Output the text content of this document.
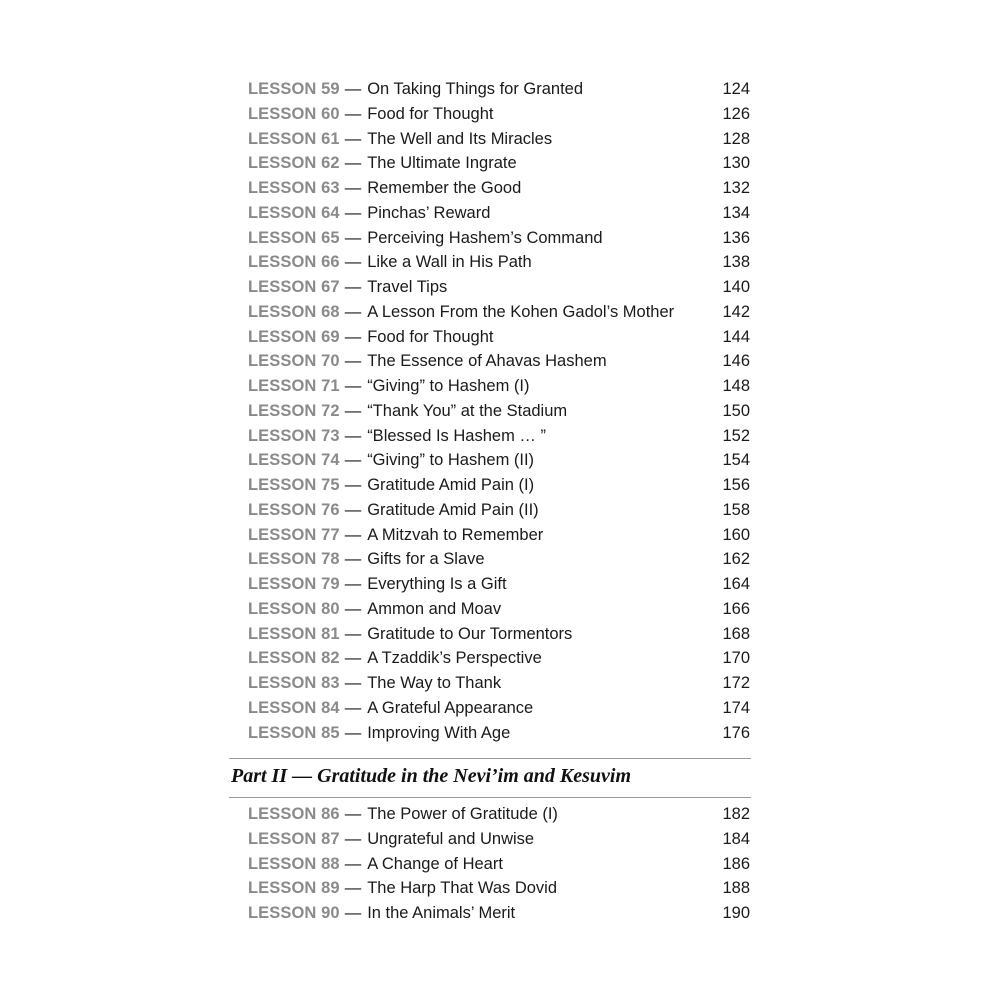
LESSON 59 — On Taking Things for Granted	124
LESSON 60 — Food for Thought	126
LESSON 61 — The Well and Its Miracles	128
LESSON 62 — The Ultimate Ingrate	130
LESSON 63 — Remember the Good	132
LESSON 64 — Pinchas’ Reward	134
LESSON 65 — Perceiving Hashem’s Command	136
LESSON 66 — Like a Wall in His Path	138
LESSON 67 — Travel Tips	140
LESSON 68 — A Lesson From the Kohen Gadol’s Mother	142
LESSON 69 — Food for Thought	144
LESSON 70 — The Essence of Ahavas Hashem	146
LESSON 71 — “Giving” to Hashem (I)	148
LESSON 72 — “Thank You” at the Stadium	150
LESSON 73 — “Blessed Is Hashem … ”	152
LESSON 74 — “Giving” to Hashem (II)	154
LESSON 75 — Gratitude Amid Pain (I)	156
LESSON 76 — Gratitude Amid Pain (II)	158
LESSON 77 — A Mitzvah to Remember	160
LESSON 78 — Gifts for a Slave	162
LESSON 79 — Everything Is a Gift	164
LESSON 80 — Ammon and Moav	166
LESSON 81 — Gratitude to Our Tormentors	168
LESSON 82 — A Tzaddik’s Perspective	170
LESSON 83 — The Way to Thank	172
LESSON 84 — A Grateful Appearance	174
LESSON 85 — Improving With Age	176
Part II — Gratitude in the Nevi’im and Kesuvim
LESSON 86 — The Power of Gratitude (I)	182
LESSON 87 — Ungrateful and Unwise	184
LESSON 88 — A Change of Heart	186
LESSON 89 — The Harp That Was Dovid	188
LESSON 90 — In the Animals’ Merit	190
